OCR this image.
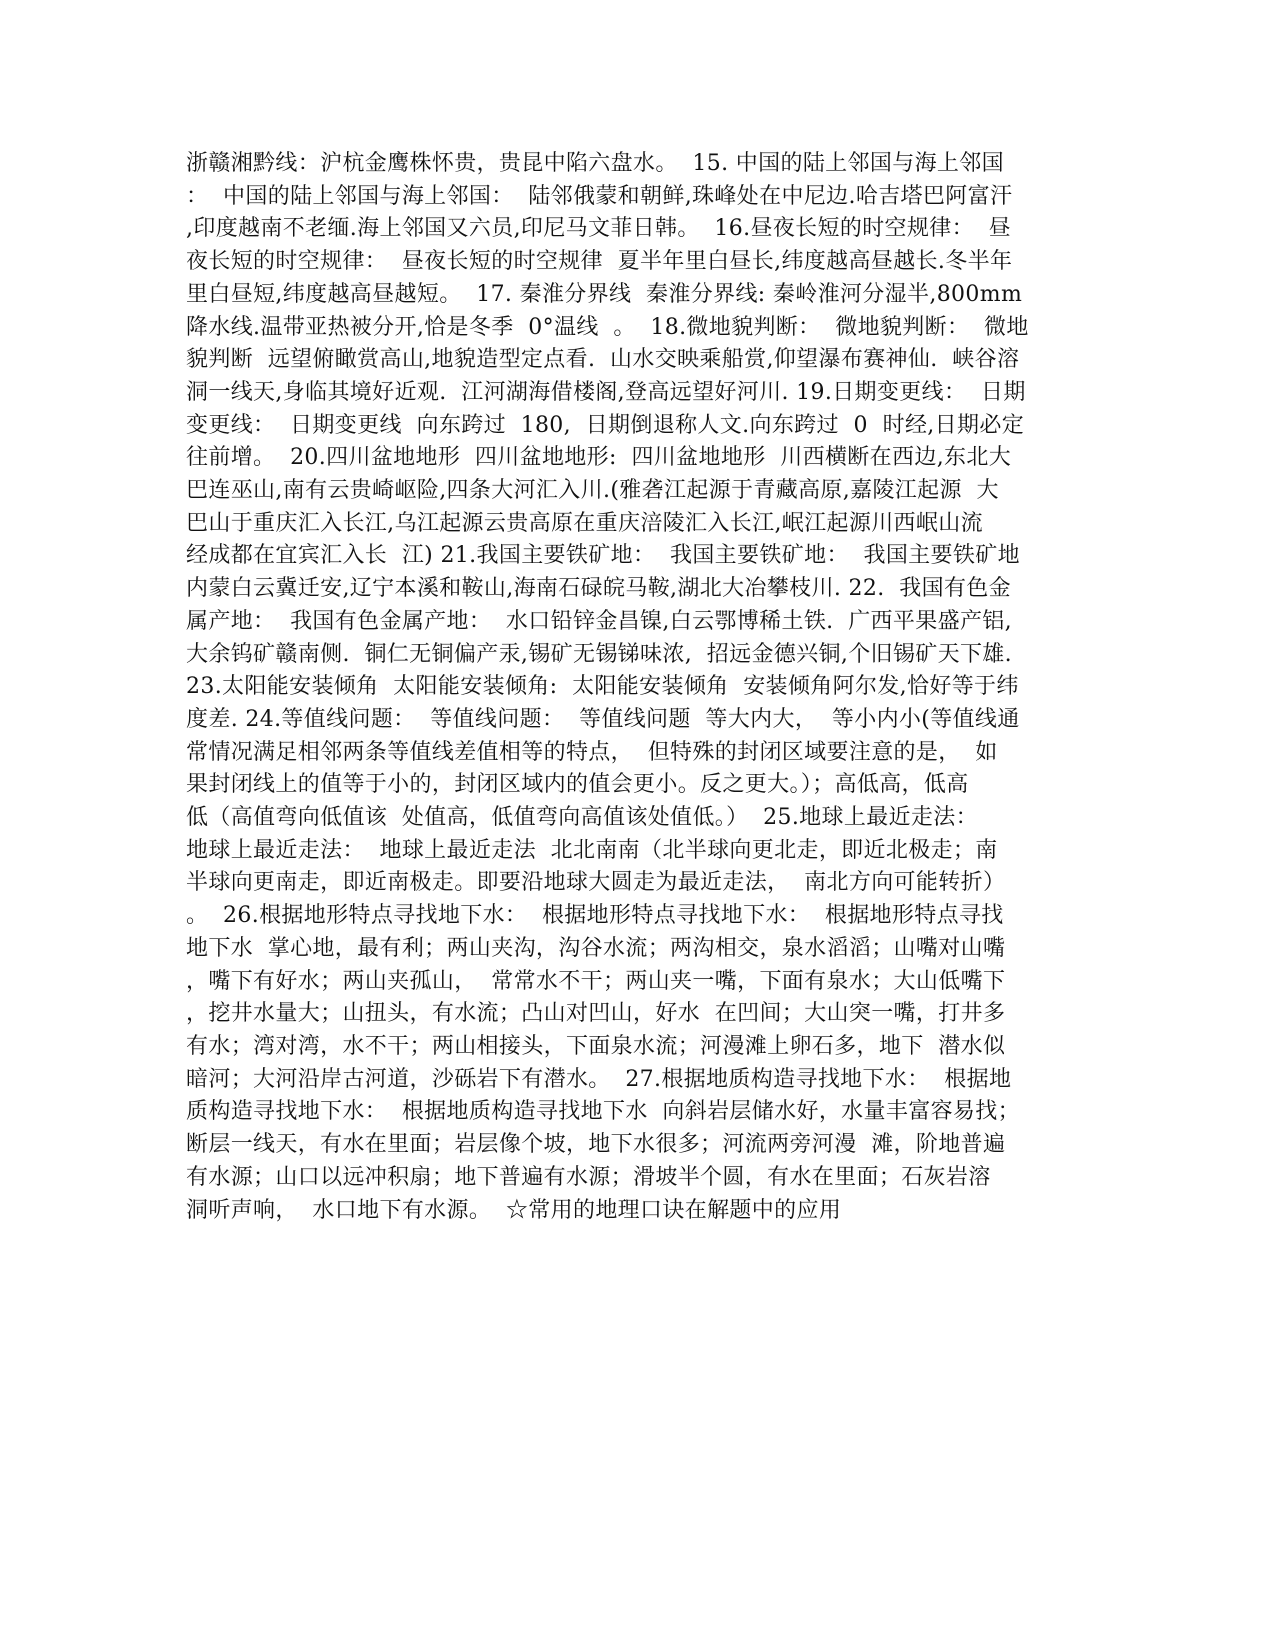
浙赣湘黔线：沪杭金鹰株怀贵，贵昆中陷六盘水。  15. 中国的陆上邻国与海上邻国
：  中国的陆上邻国与海上邻国：  陆邻俄蒙和朝鲜,珠峰处在中尼边.哈吉塔巴阿富汗
,印度越南不老缅.海上邻国又六员,印尼马文菲日韩。  16.昼夜长短的时空规律：  昼
夜长短的时空规律：  昼夜长短的时空规律  夏半年里白昼长,纬度越高昼越长.冬半年
里白昼短,纬度越高昼越短。  17. 秦淮分界线  秦淮分界线: 秦岭淮河分湿半,800mm
降水线.温带亚热被分开,恰是冬季  0°温线  。  18.微地貌判断：  微地貌判断：  微地
貌判断  远望俯瞰赏高山,地貌造型定点看.  山水交映乘船赏,仰望瀑布赛神仙.  峡谷溶
洞一线天,身临其境好近观.  江河湖海借楼阁,登高远望好河川. 19.日期变更线：  日期
变更线：  日期变更线  向东跨过  180,  日期倒退称人文.向东跨过  0  时经,日期必定
往前增。  20.四川盆地地形  四川盆地地形:  四川盆地地形  川西横断在西边,东北大
巴连巫山,南有云贵崎岖险,四条大河汇入川.(雅砻江起源于青藏高原,嘉陵江起源  大
巴山于重庆汇入长江,乌江起源云贵高原在重庆涪陵汇入长江,岷江起源川西岷山流
经成都在宜宾汇入长  江) 21.我国主要铁矿地：  我国主要铁矿地：  我国主要铁矿地
内蒙白云冀迁安,辽宁本溪和鞍山,海南石碌皖马鞍,湖北大冶攀枝川. 22.  我国有色金
属产地：  我国有色金属产地：  水口铅锌金昌镍,白云鄂博稀土铁.  广西平果盛产铝,
大余钨矿赣南侧.  铜仁无铜偏产汞,锡矿无锡锑味浓,  招远金德兴铜,个旧锡矿天下雄.
23.太阳能安装倾角  太阳能安装倾角:  太阳能安装倾角  安装倾角阿尔发,恰好等于纬
度差. 24.等值线问题：  等值线问题：  等值线问题  等大内大，  等小内小(等值线通
常情况满足相邻两条等值线差值相等的特点，  但特殊的封闭区域要注意的是，  如
果封闭线上的值等于小的，封闭区域内的值会更小。反之更大。）；高低高，低高
低（高值弯向低值该  处值高，低值弯向高值该处值低。）  25.地球上最近走法：
地球上最近走法：  地球上最近走法  北北南南（北半球向更北走，即近北极走；南
半球向更南走，即近南极走。即要沿地球大圆走为最近走法，  南北方向可能转折）
。  26.根据地形特点寻找地下水：  根据地形特点寻找地下水：  根据地形特点寻找
地下水  掌心地，最有利；两山夹沟，沟谷水流；两沟相交，泉水滔滔；山嘴对山嘴
，嘴下有好水；两山夹孤山，  常常水不干；两山夹一嘴，下面有泉水；大山低嘴下
，挖井水量大；山扭头，有水流；凸山对凹山，好水  在凹间；大山突一嘴，打井多
有水；湾对湾，水不干；两山相接头，下面泉水流；河漫滩上卵石多，地下  潜水似
暗河；大河沿岸古河道，沙砾岩下有潜水。  27.根据地质构造寻找地下水：  根据地
质构造寻找地下水：  根据地质构造寻找地下水  向斜岩层储水好，水量丰富容易找；
断层一线天，有水在里面；岩层像个坡，地下水很多；河流两旁河漫  滩，阶地普遍
有水源；山口以远冲积扇；地下普遍有水源；滑坡半个圆，有水在里面；石灰岩溶
洞听声响，  水口地下有水源。  ☆常用的地理口诀在解题中的应用
